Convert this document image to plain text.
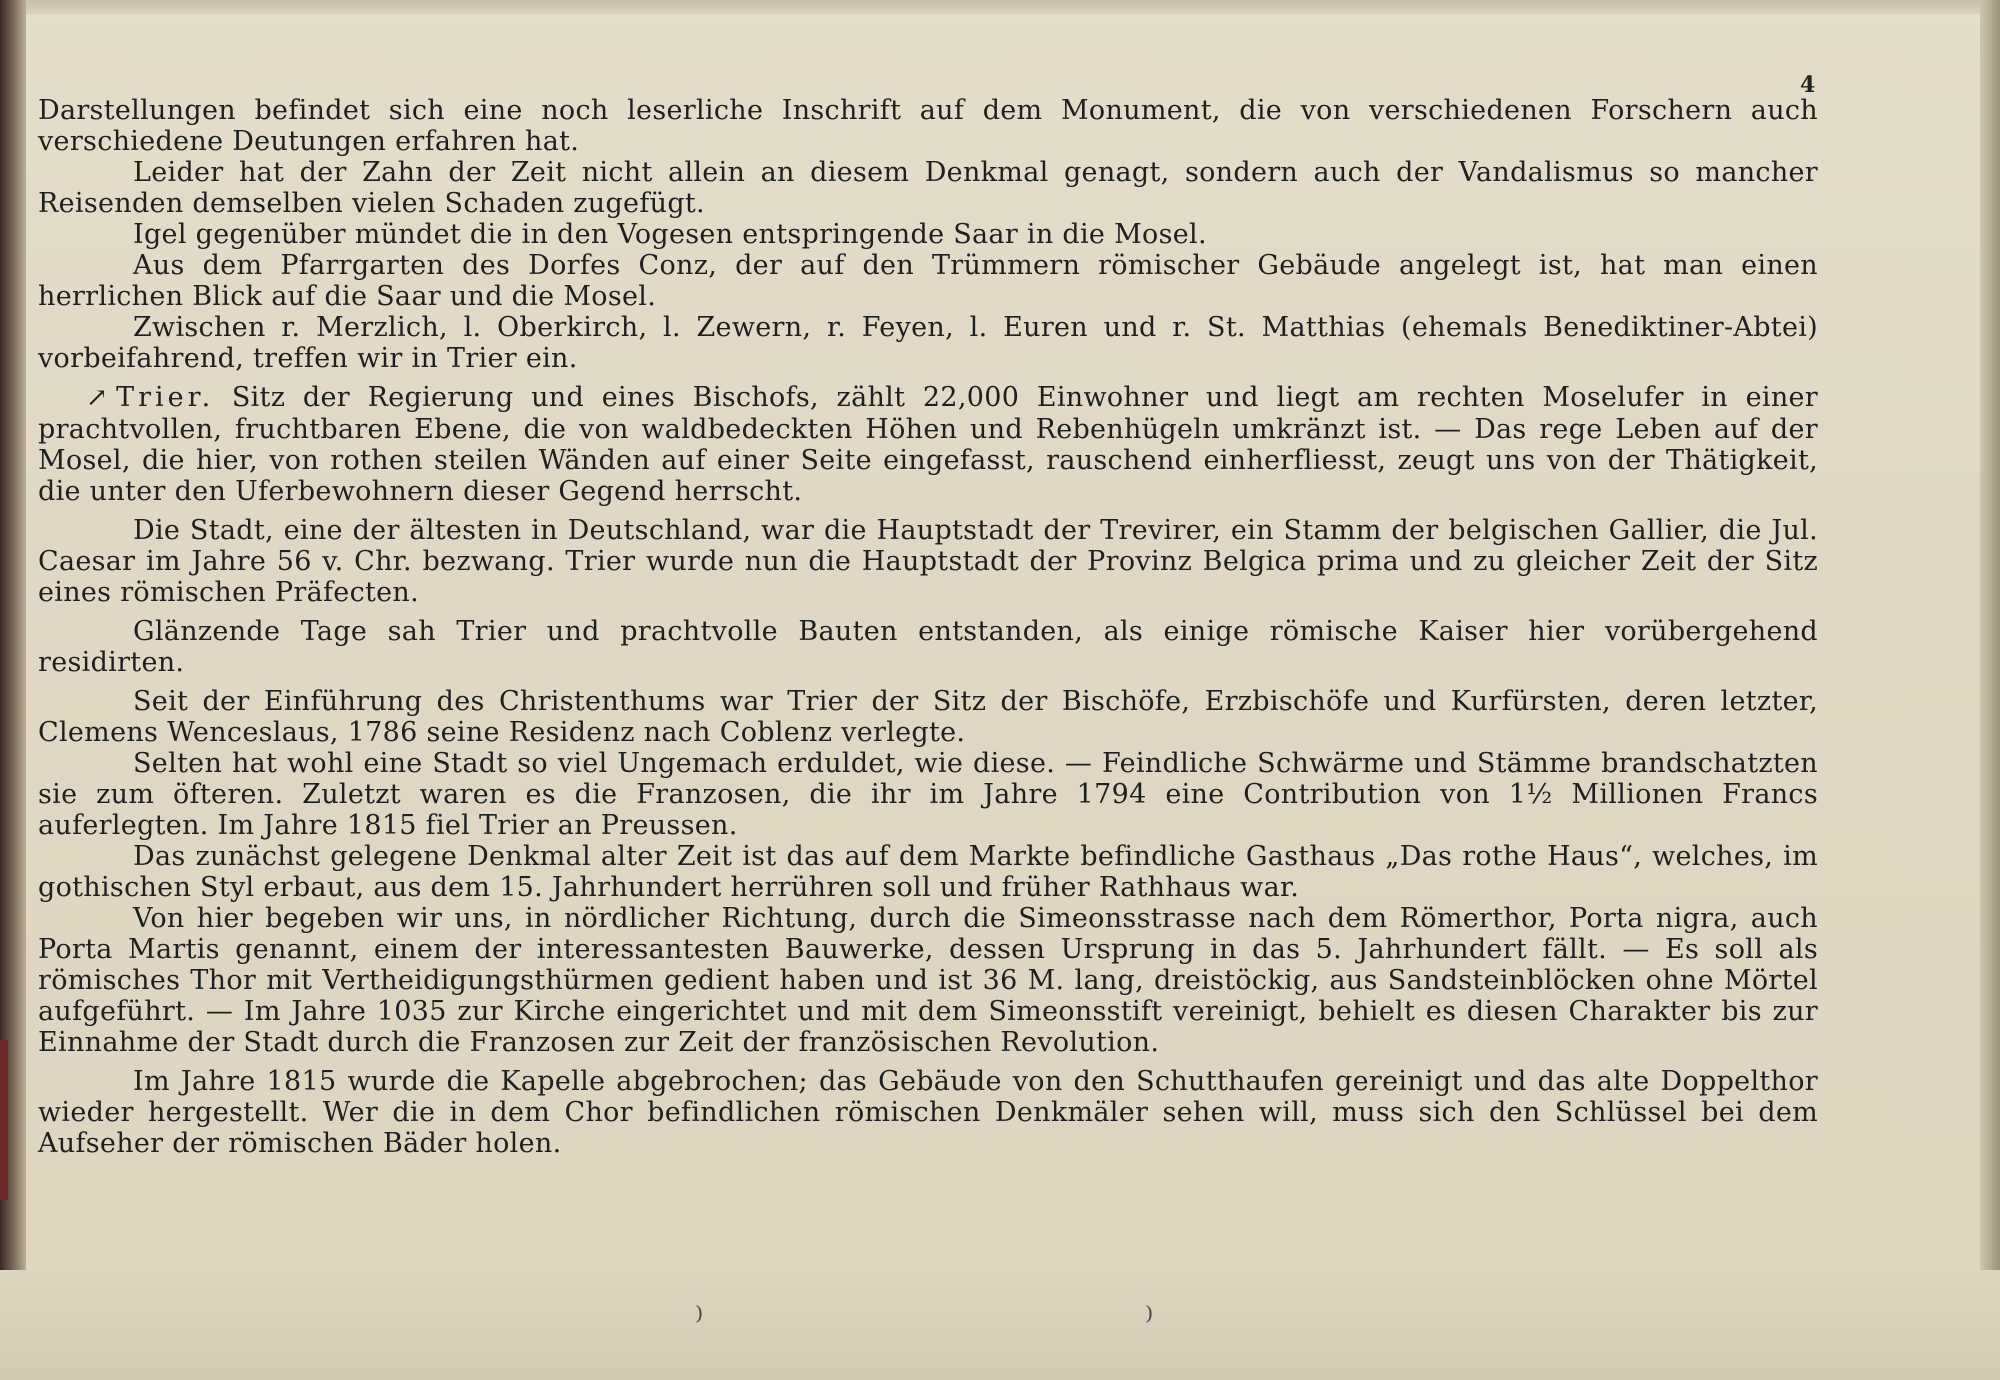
4

Darstellungen befindet sich eine noch leserliche Inschrift auf dem Monument, die von verschiedenen Forschern auch verschiedene Deutungen erfahren hat.

Leider hat der Zahn der Zeit nicht allein an diesem Denkmal genagt, sondern auch der Vandalismus so mancher Reisenden demselben vielen Schaden zugefügt.

Igel gegenüber mündet die in den Vogesen entspringende Saar in die Mosel.

Aus dem Pfarrgarten des Dorfes Conz, der auf den Trümmern römischer Gebäude angelegt ist, hat man einen herrlichen Blick auf die Saar und die Mosel.

Zwischen r. Merzlich, l. Oberkirch, l. Zewern, r. Feyen, l. Euren und r. St. Matthias (ehemals Benediktiner-Abtei) vorbeifahrend, treffen wir in Trier ein.

↗ Trier. Sitz der Regierung und eines Bischofs, zählt 22,000 Einwohner und liegt am rechten Moselufer in einer prachtvollen, fruchtbaren Ebene, die von waldbedeckten Höhen und Rebenhügeln umkränzt ist. — Das rege Leben auf der Mosel, die hier, von rothen steilen Wänden auf einer Seite eingefasst, rauschend einherfliesst, zeugt uns von der Thätigkeit, die unter den Uferbewohnern dieser Gegend herrscht.

Die Stadt, eine der ältesten in Deutschland, war die Hauptstadt der Trevirer, ein Stamm der belgischen Gallier, die Jul. Caesar im Jahre 56 v. Chr. bezwang. Trier wurde nun die Hauptstadt der Provinz Belgica prima und zu gleicher Zeit der Sitz eines römischen Präfecten.

Glänzende Tage sah Trier und prachtvolle Bauten entstanden, als einige römische Kaiser hier vorübergehend residirten.

Seit der Einführung des Christenthums war Trier der Sitz der Bischöfe, Erzbischöfe und Kurfürsten, deren letzter, Clemens Wenceslaus, 1786 seine Residenz nach Coblenz verlegte.

Selten hat wohl eine Stadt so viel Ungemach erduldet, wie diese. — Feindliche Schwärme und Stämme brandschatzten sie zum öfteren. Zuletzt waren es die Franzosen, die ihr im Jahre 1794 eine Contribution von 1½ Millionen Francs auferlegten. Im Jahre 1815 fiel Trier an Preussen.

Das zunächst gelegene Denkmal alter Zeit ist das auf dem Markte befindliche Gasthaus „Das rothe Haus“, welches, im gothischen Styl erbaut, aus dem 15. Jahrhundert herrühren soll und früher Rathhaus war.

Von hier begeben wir uns, in nördlicher Richtung, durch die Simeonsstrasse nach dem Römerthor, Porta nigra, auch Porta Martis genannt, einem der interessantesten Bauwerke, dessen Ursprung in das 5. Jahrhundert fällt. — Es soll als römisches Thor mit Vertheidigungsthürmen gedient haben und ist 36 M. lang, dreistöckig, aus Sandsteinblöcken ohne Mörtel aufgeführt. — Im Jahre 1035 zur Kirche eingerichtet und mit dem Simeonsstift vereinigt, behielt es diesen Charakter bis zur Einnahme der Stadt durch die Franzosen zur Zeit der französischen Revolution.

Im Jahre 1815 wurde die Kapelle abgebrochen; das Gebäude von den Schutthaufen gereinigt und das alte Doppelthor wieder hergestellt. Wer die in dem Chor befindlichen römischen Denkmäler sehen will, muss sich den Schlüssel bei dem Aufseher der römischen Bäder holen.

⁾	⁾
